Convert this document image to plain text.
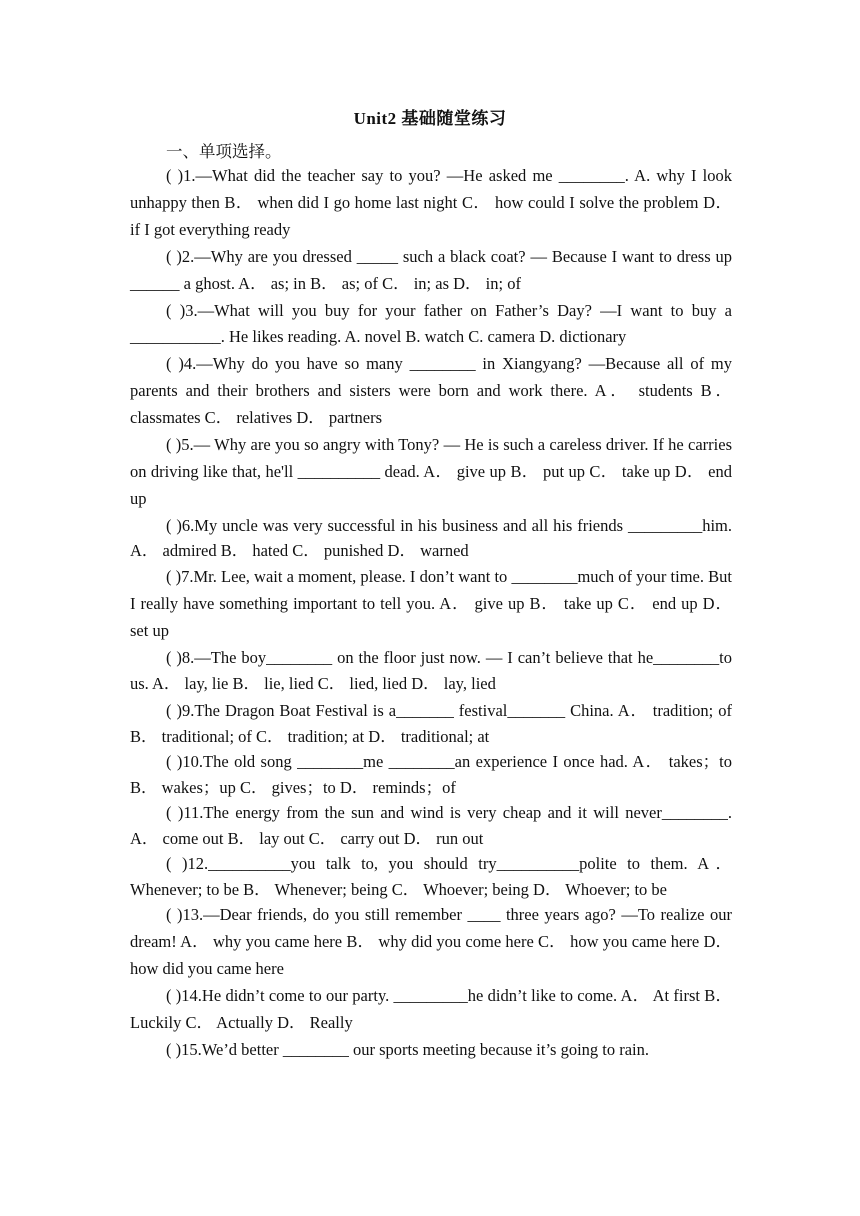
Unit2 基础随堂练习
一、单项选择。

( )1.—What did the teacher say to you? —He asked me ________. A. why I look unhappy then B． when did I go home last night C． how could I solve the problem D． if I got everything ready

( )2.—Why are you dressed _____ such a black coat? — Because I want to dress up ______ a ghost. A． as; in B． as; of C． in; as D． in; of

( )3.—What will you buy for your father on Father’s Day? —I want to buy a ___________. He likes reading. A. novel B. watch C. camera D. dictionary

( )4.—Why do you have so many ________ in Xiangyang? —Because all of my parents and their brothers and sisters were born and work there. A． students B． classmates C． relatives D． partners

( )5.— Why are you so angry with Tony? — He is such a careless driver. If he carries on driving like that, he'll __________ dead. A． give up B． put up C． take up D． end up

( )6.My uncle was very successful in his business and all his friends _________him. A． admired B． hated C． punished D． warned

( )7.Mr. Lee, wait a moment, please. I don’t want to ________much of your time. But I really have something important to tell you. A． give up B． take up C． end up D． set up

( )8.—The boy________ on the floor just now. — I can’t believe that he________to us. A． lay, lie B． lie, lied C． lied, lied D． lay, lied

( )9.The Dragon Boat Festival is a_______ festival_______ China. A． tradition; of B． traditional; of C． tradition; at D． traditional; at

( )10.The old song ________me ________an experience I once had. A． takes；to B． wakes；up C． gives；to D． reminds；of

( )11.The energy from the sun and wind is very cheap and it will never________. A． come out B． lay out C． carry out D． run out

( )12.__________you talk to, you should try__________polite to them. A． Whenever; to be B． Whenever; being C． Whoever; being D． Whoever; to be

( )13.—Dear friends, do you still remember ____ three years ago? —To realize our dream! A． why you came here B． why did you come here C． how you came here D． how did you came here

( )14.He didn’t come to our party. _________he didn’t like to come. A． At first B． Luckily C． Actually D． Really

( )15.We’d better ________ our sports meeting because it’s going to rain.
